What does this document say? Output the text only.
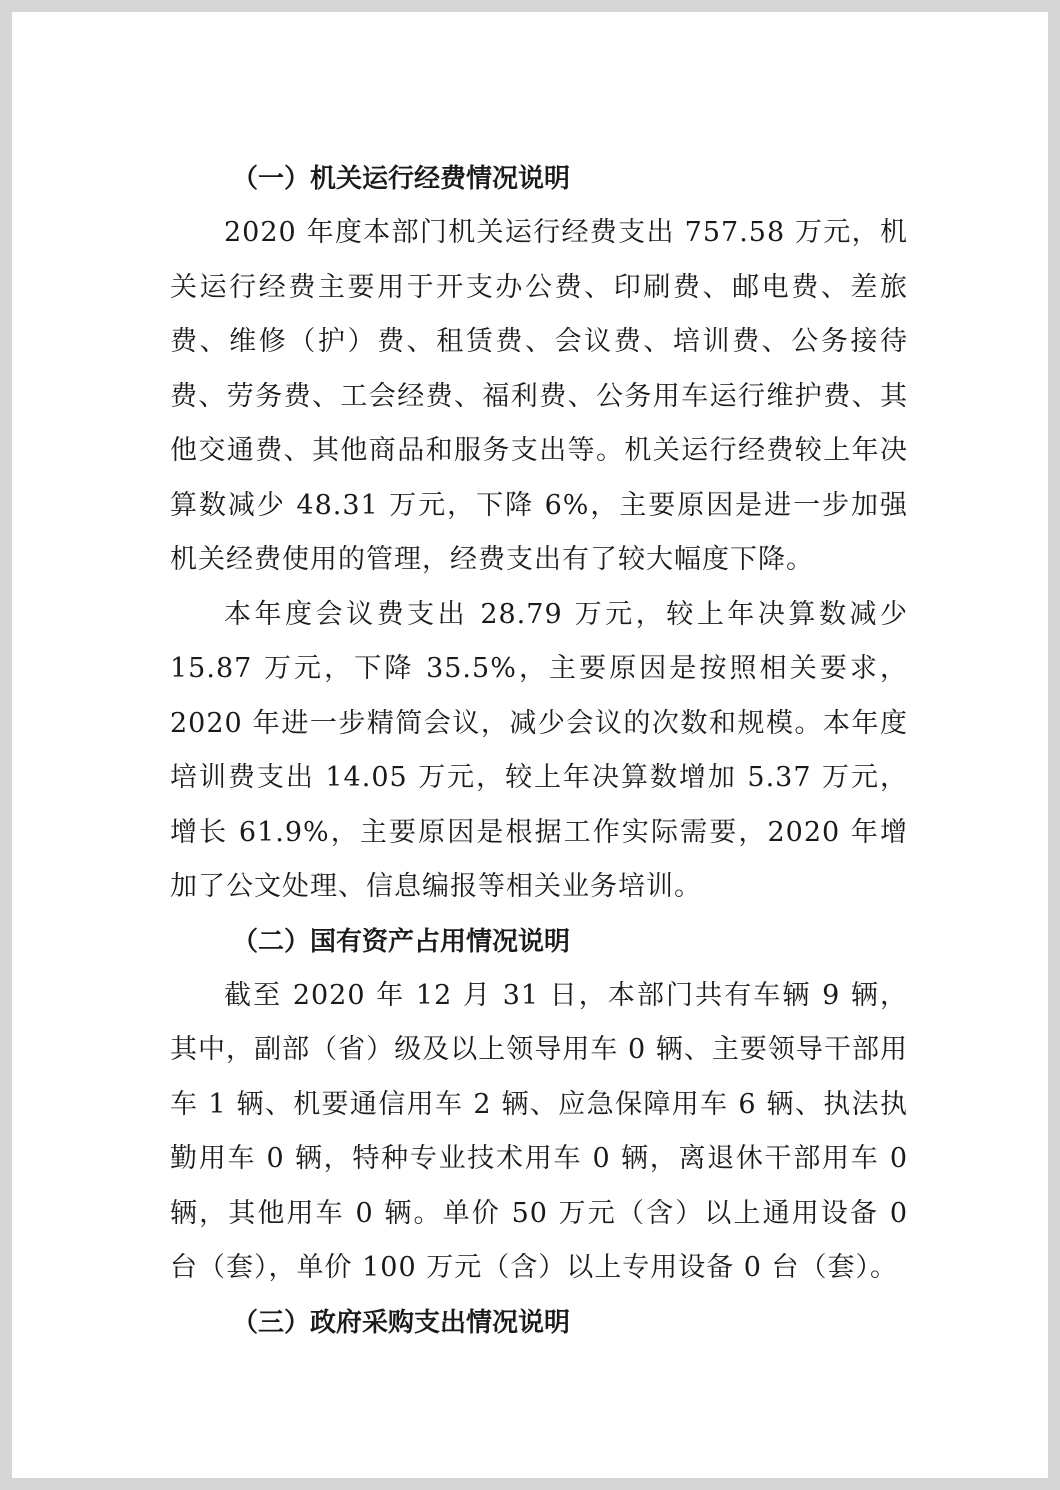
（一）机关运行经费情况说明

2020 年度本部门机关运行经费支出 757.58 万元，机关运行经费主要用于开支办公费、印刷费、邮电费、差旅费、维修（护）费、租赁费、会议费、培训费、公务接待费、劳务费、工会经费、福利费、公务用车运行维护费、其他交通费、其他商品和服务支出等。机关运行经费较上年决算数减少 48.31 万元，下降 6%，主要原因是进一步加强机关经费使用的管理，经费支出有了较大幅度下降。

本年度会议费支出 28.79 万元，较上年决算数减少 15.87 万元，下降 35.5%，主要原因是按照相关要求，2020 年进一步精简会议，减少会议的次数和规模。本年度培训费支出 14.05 万元，较上年决算数增加 5.37 万元，增长 61.9%，主要原因是根据工作实际需要，2020 年增加了公文处理、信息编报等相关业务培训。

（二）国有资产占用情况说明

截至 2020 年 12 月 31 日，本部门共有车辆 9 辆，其中，副部（省）级及以上领导用车 0 辆、主要领导干部用车 1 辆、机要通信用车 2 辆、应急保障用车 6 辆、执法执勤用车 0 辆，特种专业技术用车 0 辆，离退休干部用车 0 辆，其他用车 0 辆。单价 50 万元（含）以上通用设备 0 台（套），单价 100 万元（含）以上专用设备 0 台（套）。

（三）政府采购支出情况说明
